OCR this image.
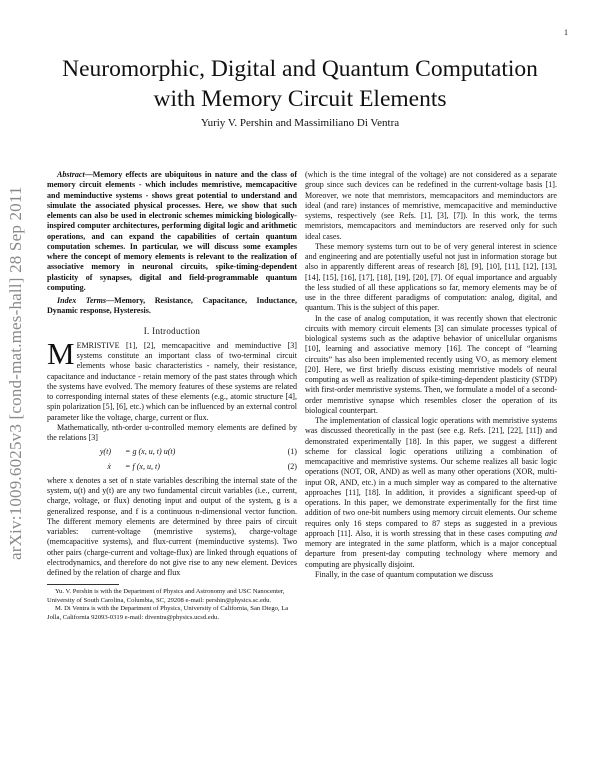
1
arXiv:1009.6025v3 [cond-mat.mes-hall] 28 Sep 2011
Neuromorphic, Digital and Quantum Computation
with Memory Circuit Elements
Yuriy V. Pershin and Massimiliano Di Ventra

Abstract—Memory effects are ubiquitous in nature and the class of memory circuit elements - which includes memristive, memcapacitive and meminductive systems - shows great potential to understand and simulate the associated physical processes. Here, we show that such elements can also be used in electronic schemes mimicking biologically-inspired computer architectures, performing digital logic and arithmetic operations, and can expand the capabilities of certain quantum computation schemes. In particular, we will discuss some examples where the concept of memory elements is relevant to the realization of associative memory in neuronal circuits, spike-timing-dependent plasticity of synapses, digital and field-programmable quantum computing.

Index Terms—Memory, Resistance, Capacitance, Inductance, Dynamic response, Hysteresis.

I. Introduction

MEMRISTIVE [1], [2], memcapacitive and meminductive [3] systems constitute an important class of two-terminal circuit elements whose basic characteristics - namely, their resistance, capacitance and inductance - retain memory of the past states through which the systems have evolved. The memory features of these systems are related to corresponding internal states of these elements (e.g., atomic structure [4], spin polarization [5], [6], etc.) which can be influenced by an external control parameter like the voltage, charge, current or flux.

Mathematically, nth-order u-controlled memory elements are defined by the relations [3]

y(t)	= g (x, u, t) u(t)	(1)
ẋ	= f (x, u, t)	(2)

where x denotes a set of n state variables describing the internal state of the system, u(t) and y(t) are any two fundamental circuit variables (i.e., current, charge, voltage, or flux) denoting input and output of the system, g is a generalized response, and f is a continuous n-dimensional vector function. The different memory elements are determined by three pairs of circuit variables: current-voltage (memristive systems), charge-voltage (memcapacitive systems), and flux-current (meminductive systems). Two other pairs (charge-current and voltage-flux) are linked through equations of electrodynamics, and therefore do not give rise to any new element. Devices defined by the relation of charge and flux

Yu. V. Pershin is with the Department of Physics and Astronomy and USC Nanocenter, University of South Carolina, Columbia, SC, 29208 e-mail: pershin@physics.sc.edu.

M. Di Ventra is with the Department of Physics, University of California, San Diego, La Jolla, California 92093-0319 e-mail: diventra@physics.ucsd.edu.

(which is the time integral of the voltage) are not considered as a separate group since such devices can be redefined in the current-voltage basis [1]. Moreover, we note that memristors, memcapacitors and meminductors are ideal (and rare) instances of memristive, memcapacitive and meminductive systems, respectively (see Refs. [1], [3], [7]). In this work, the terms memristors, memcapacitors and meminductors are reserved only for such ideal cases.

These memory systems turn out to be of very general interest in science and engineering and are potentially useful not just in information storage but also in apparently different areas of research [8], [9], [10], [11], [12], [13], [14], [15], [16], [17], [18], [19], [20], [7]. Of equal importance and arguably the less studied of all these applications so far, memory elements may be of use in the three different paradigms of computation: analog, digital, and quantum. This is the subject of this paper.

In the case of analog computation, it was recently shown that electronic circuits with memory circuit elements [3] can simulate processes typical of biological systems such as the adaptive behavior of unicellular organisms [10], learning and associative memory [16]. The concept of “learning circuits” has also been implemented recently using VO₂ as memory element [20]. Here, we first briefly discuss existing memristive models of neural computing as well as realization of spike-timing-dependent plasticity (STDP) with first-order memristive systems. Then, we formulate a model of a second-order memristive synapse which resembles closer the operation of its biological counterpart.

The implementation of classical logic operations with memristive systems was discussed theoretically in the past (see e.g. Refs. [21], [22], [11]) and demonstrated experimentally [18]. In this paper, we suggest a different scheme for classical logic operations utilizing a combination of memcapacitive and memristive systems. Our scheme realizes all basic logic operations (NOT, OR, AND) as well as many other operations (XOR, multi-input OR, AND, etc.) in a much simpler way as compared to the alternative approaches [11], [18]. In addition, it provides a significant speed-up of operations. In this paper, we demonstrate experimentally for the first time addition of two one-bit numbers using memory circuit elements. Our scheme requires only 16 steps compared to 87 steps as suggested in a previous approach [11]. Also, it is worth stressing that in these cases computing and memory are integrated in the same platform, which is a major conceptual departure from present-day computing technology where memory and computing are physically disjoint.

Finally, in the case of quantum computation we discuss
